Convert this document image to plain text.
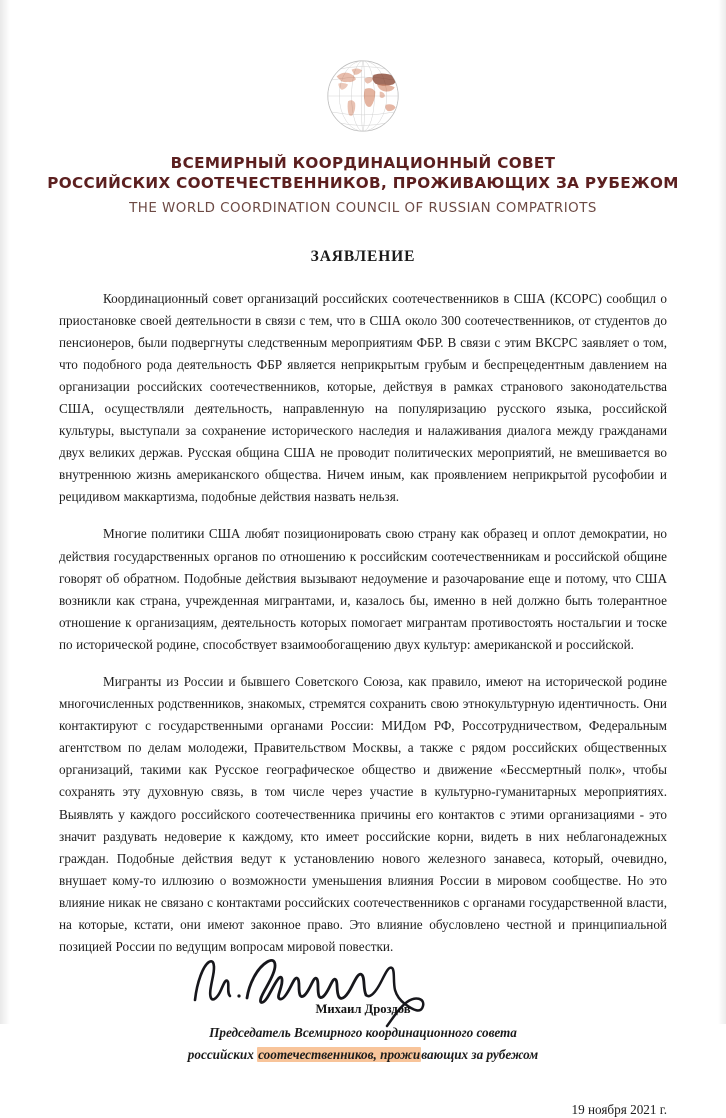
ВСЕМИРНЫЙ КООРДИНАЦИОННЫЙ СОВЕТ
РОССИЙСКИХ СООТЕЧЕСТВЕННИКОВ, ПРОЖИВАЮЩИХ ЗА РУБЕЖОМ
THE WORLD COORDINATION COUNCIL OF RUSSIAN COMPATRIOTS
ЗАЯВЛЕНИЕ

Координационный совет организаций российских соотечественников в США (КСОРС) сообщил о приостановке своей деятельности в связи с тем, что в США около 300 соотечественников, от студентов до пенсионеров, были подвергнуты следственным мероприятиям ФБР. В связи с этим ВКСРС заявляет о том, что подобного рода деятельность ФБР является неприкрытым грубым и беспрецедентным давлением на организации российских соотечественников, которые, действуя в рамках странового законодательства США, осуществляли деятельность, направленную на популяризацию русского языка, российской культуры, выступали за сохранение исторического наследия и налаживания диалога между гражданами двух великих держав. Русская община США не проводит политических мероприятий, не вмешивается во внутреннюю жизнь американского общества. Ничем иным, как проявлением неприкрытой русофобии и рецидивом маккартизма, подобные действия назвать нельзя.

Многие политики США любят позиционировать свою страну как образец и оплот демократии, но действия государственных органов по отношению к российским соотечественникам и российской общине говорят об обратном. Подобные действия вызывают недоумение и разочарование еще и потому, что США возникли как страна, учрежденная мигрантами, и, казалось бы, именно в ней должно быть толерантное отношение к организациям, деятельность которых помогает мигрантам противостоять ностальгии и тоске по исторической родине, способствует взаимообогащению двух культур: американской и российской.

Мигранты из России и бывшего Советского Союза, как правило, имеют на исторической родине многочисленных родственников, знакомых, стремятся сохранить свою этнокультурную идентичность. Они контактируют с государственными органами России: МИДом РФ, Россотрудничеством, Федеральным агентством по делам молодежи, Правительством Москвы, а также с рядом российских общественных организаций, такими как Русское географическое общество и движение «Бессмертный полк», чтобы сохранять эту духовную связь, в том числе через участие в культурно-гуманитарных мероприятиях. Выявлять у каждого российского соотечественника причины его контактов с этими организациями - это значит раздувать недоверие к каждому, кто имеет российские корни, видеть в них неблагонадежных граждан. Подобные действия ведут к установлению нового железного занавеса, который, очевидно, внушает кому-то иллюзию о возможности уменьшения влияния России в мировом сообществе. Но это влияние никак не связано с контактами российских соотечественников с органами государственной власти, на которые, кстати, они имеют законное право. Это влияние обусловлено честной и принципиальной позицией России по ведущим вопросам мировой повестки.

Михаил Дроздов
Председатель Всемирного координационного совета
российских соотечественников, проживающих за рубежом
19 ноября 2021 г.
